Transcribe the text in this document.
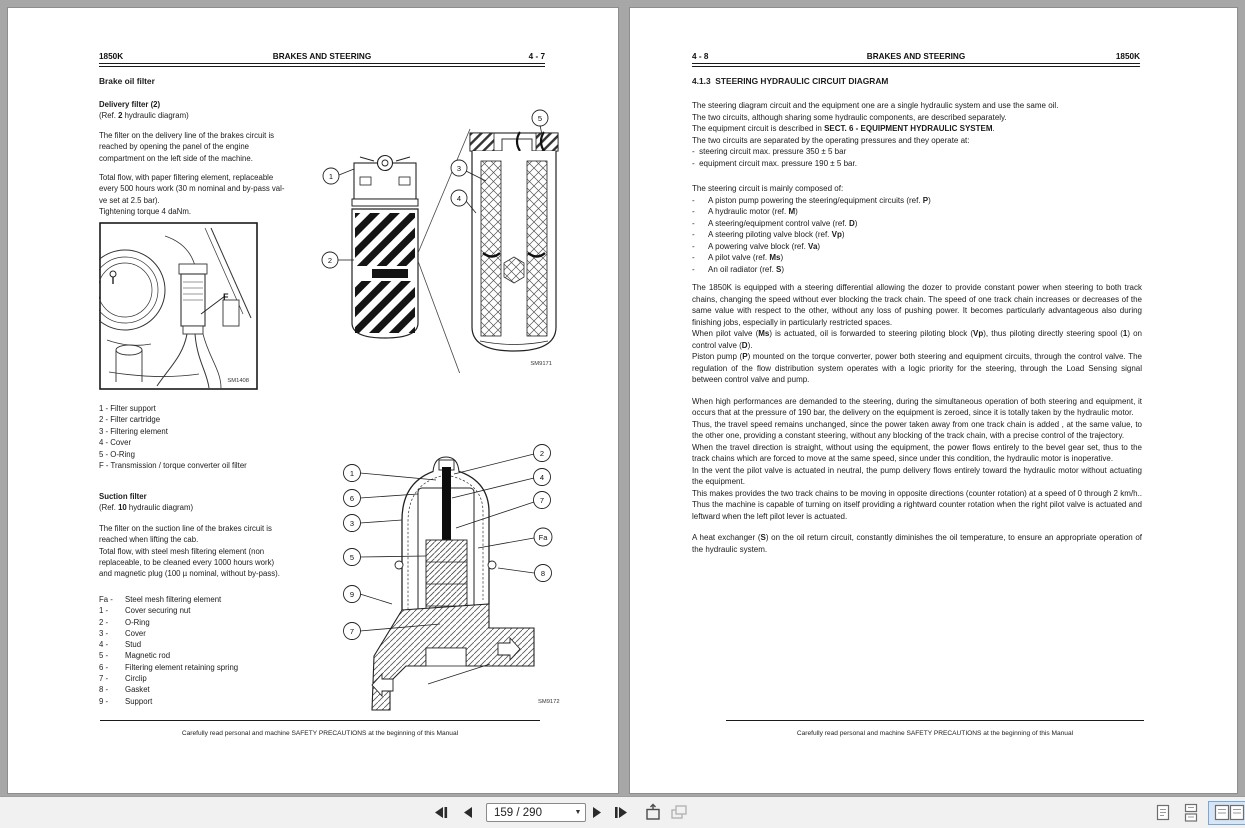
1850K	BRAKES AND STEERING	4 - 7
Brake oil filter
Delivery filter (2)
(Ref. 2 hydraulic diagram)
The filter on the delivery line of the brakes circuit is
reached by opening the panel of the engine
compartment on the left side of the machine.
Total flow, with paper filtering element, replaceable
every 500 hours work (30 m nominal and by-pass val-
ve set at 2.5 bar).
Tightening torque 4 daNm.
F
SM1408
1 - Filter support
2 - Filter cartridge
3 - Filtering element
4 - Cover
5 - O-Ring
F - Transmission / torque converter oil filter
Suction filter
(Ref. 10 hydraulic diagram)
The filter on the suction line of the brakes circuit is
reached when lifting the cab.
Total flow, with steel mesh filtering element (non
replaceable, to be cleaned every 1000 hours work)
and magnetic plug (100 µ nominal, without by-pass).
Fa -	Steel mesh filtering element
1 -	Cover securing nut
2 -	O-Ring
3 -	Cover
4 -	Stud
5 -	Magnetic rod
6 -	Filtering element retaining spring
7 -	Circlip
8 -	Gasket
9 -	Support
1
2
5
3
4
SM9171
1
6
3
5
9
7
2
4
7
Fa
8
SM9172
Carefully read personal and machine SAFETY PRECAUTIONS at the beginning of this Manual
4 - 8	BRAKES AND STEERING	1850K
4.1.3  STEERING HYDRAULIC CIRCUIT DIAGRAM
The steering diagram circuit and the equipment one are a single hydraulic system and use the same oil.
The two circuits, although sharing some hydraulic components, are described separately.
The equipment circuit is described in SECT. 6 - EQUIPMENT HYDRAULIC SYSTEM.
The two circuits are separated by the operating pressures and they operate at:
-  steering circuit max. pressure 350 ± 5 bar
-  equipment circuit max. pressure 190 ± 5 bar.
The steering circuit is mainly composed of:
-	A piston pump powering the steering/equipment circuits (ref. P)
-	A hydraulic motor (ref. M)
-	A steering/equipment control valve (ref. D)
-	A steering piloting valve block (ref. Vp)
-	A powering valve block (ref. Va)
-	A pilot valve (ref. Ms)
-	An oil radiator (ref. S)

The 1850K is equipped with a steering differential allowing the dozer to provide constant power when steering to both track chains, changing the speed without ever blocking the track chain. The speed of one track chain increases or decreases of the same value with respect to the other, without any loss of pushing power. It becomes particularly advantageous also during finishing jobs, especially in particularly restricted spaces.

When pilot valve (Ms) is actuated, oil is forwarded to steering piloting block (Vp), thus piloting directly steering spool (1) on control valve (D).

Piston pump (P) mounted on the torque converter, power both steering and equipment circuits, through the control valve. The regulation of the flow distribution system operates with a logic priority for the steering, through the Load Sensing signal between control valve and pump.

When high performances are demanded to the steering, during the simultaneous operation of both steering and equipment, it occurs that at the pressure of 190 bar, the delivery on the equipment is zeroed, since it is totally taken by the hydraulic motor.

Thus, the travel speed remains unchanged, since the power taken away from one track chain is added , at the same value, to the other one, providing a constant steering, without any blocking of the track chain, with a precise control of the trajectory.

When the travel direction is straight, without using the equipment, the power flows entirely to the bevel gear set, thus to the track chains which are forced to move at the same speed, since under this condition, the hydraulic motor is inoperative.

In the vent the pilot valve is actuated in neutral, the pump delivery flows entirely toward the hydraulic motor without actuating the equipment.

This makes provides the two track chains to be moving in opposite directions (counter rotation) at a speed of 0 through 2 km/h.. Thus the machine is capable of turning on itself providing a rightward counter rotation when the right pilot valve is actuated and leftward when the left pilot lever is actuated.

A heat exchanger (S) on the oil return circuit, constantly diminishes the oil temperature, to ensure an appropriate operation of the hydraulic system.

Carefully read personal and machine SAFETY PRECAUTIONS at the beginning of this Manual
159 / 290	▼
